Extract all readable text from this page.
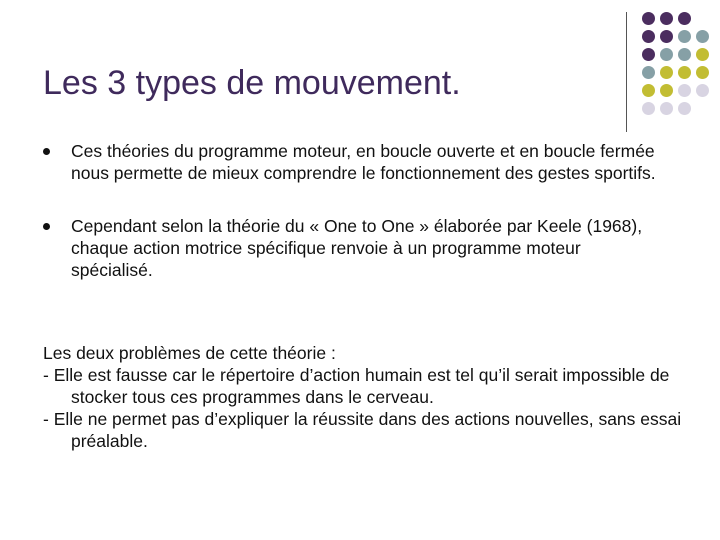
Les 3 types de mouvement.
Ces théories du programme moteur, en boucle ouverte et en boucle fermée nous permette de mieux comprendre le fonctionnement des gestes sportifs.
Cependant selon la théorie du « One to One » élaborée par Keele (1968), chaque action motrice spécifique renvoie à un programme moteur spécialisé.

Les deux problèmes de cette théorie :

- Elle est fausse car le répertoire d’action humain est tel qu’il serait impossible de stocker tous ces programmes dans le cerveau.

- Elle ne permet pas d’expliquer la réussite dans des actions nouvelles, sans essai préalable.
